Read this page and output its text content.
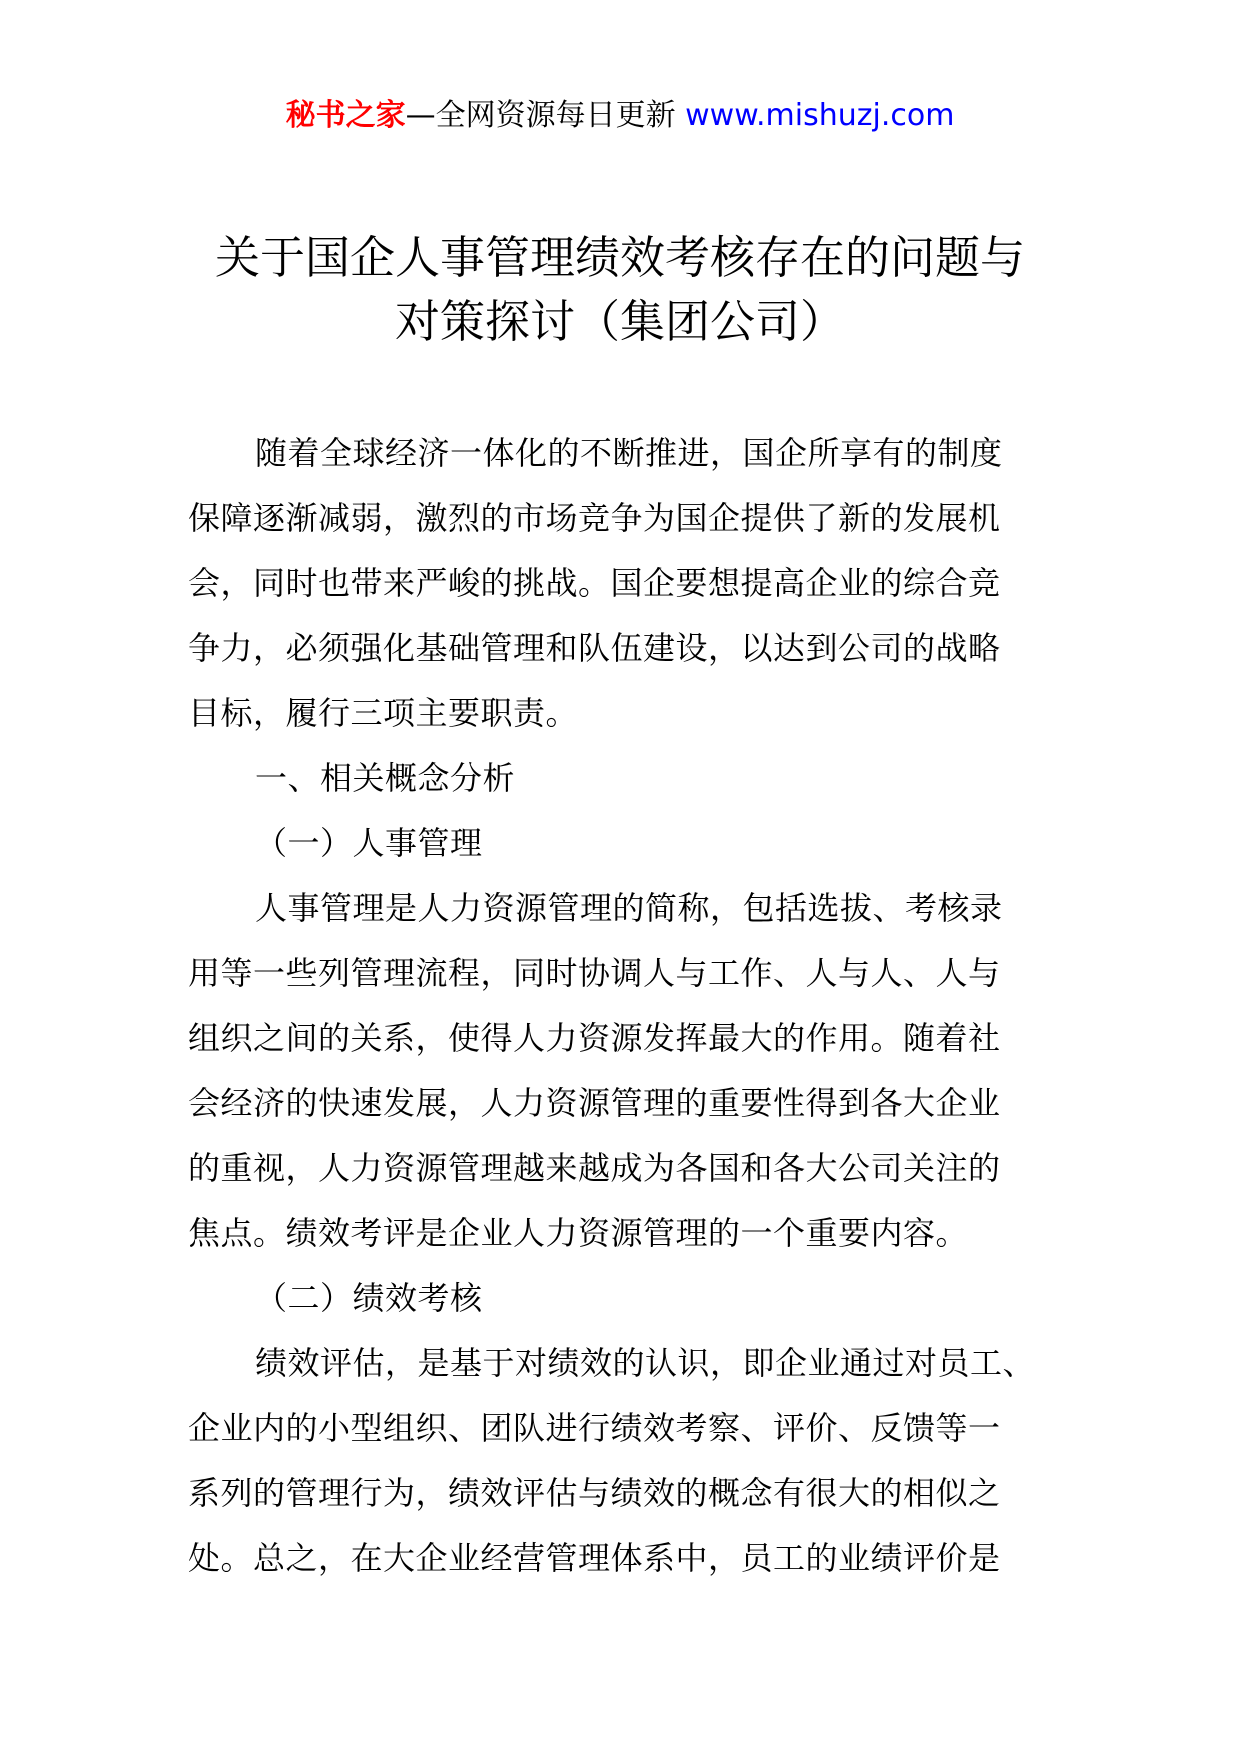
秘书之家—全网资源每日更新 www.mishuzj.com
关于国企人事管理绩效考核存在的问题与
对策探讨（集团公司）

随着全球经济一体化的不断推进，国企所享有的制度
保障逐渐减弱，激烈的市场竞争为国企提供了新的发展机
会，同时也带来严峻的挑战。国企要想提高企业的综合竞
争力，必须强化基础管理和队伍建设，以达到公司的战略
目标，履行三项主要职责。
一、相关概念分析
（一）人事管理
人事管理是人力资源管理的简称，包括选拔、考核录
用等一些列管理流程，同时协调人与工作、人与人、人与
组织之间的关系，使得人力资源发挥最大的作用。随着社
会经济的快速发展，人力资源管理的重要性得到各大企业
的重视，人力资源管理越来越成为各国和各大公司关注的
焦点。绩效考评是企业人力资源管理的一个重要内容。
（二）绩效考核
绩效评估，是基于对绩效的认识，即企业通过对员工、
企业内的小型组织、团队进行绩效考察、评价、反馈等一
系列的管理行为，绩效评估与绩效的概念有很大的相似之
处。总之，在大企业经营管理体系中，员工的业绩评价是
